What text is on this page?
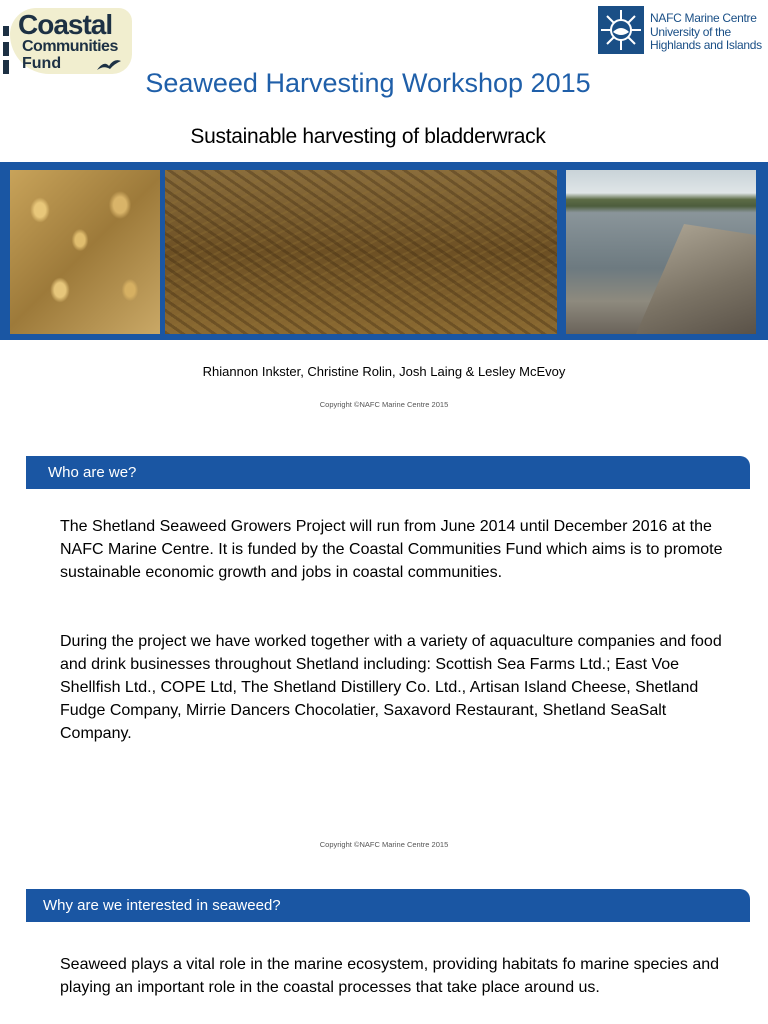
Coastal
Communities
Fund
NAFC Marine Centre
University of the
Highlands and Islands
Seaweed Harvesting Workshop 2015
Sustainable harvesting of bladderwrack
Rhiannon Inkster, Christine Rolin, Josh Laing & Lesley McEvoy
Copyright ©NAFC Marine Centre 2015
Who are we?
The Shetland Seaweed Growers Project will run from June 2014 until December 2016 at the NAFC Marine Centre. It is funded by the Coastal Communities Fund which aims is to promote sustainable economic growth and jobs in coastal communities.
During the project we have worked together with a variety of aquaculture companies and food and drink businesses throughout Shetland including: Scottish Sea Farms Ltd.; East Voe Shellfish Ltd., COPE Ltd, The Shetland Distillery Co. Ltd., Artisan Island Cheese, Shetland Fudge Company, Mirrie Dancers Chocolatier, Saxavord Restaurant, Shetland SeaSalt Company.
Copyright ©NAFC Marine Centre 2015
Why are we interested in seaweed?
Seaweed plays a vital role in the marine ecosystem, providing habitats fo marine species and playing an important role in the coastal processes that take place around us.
